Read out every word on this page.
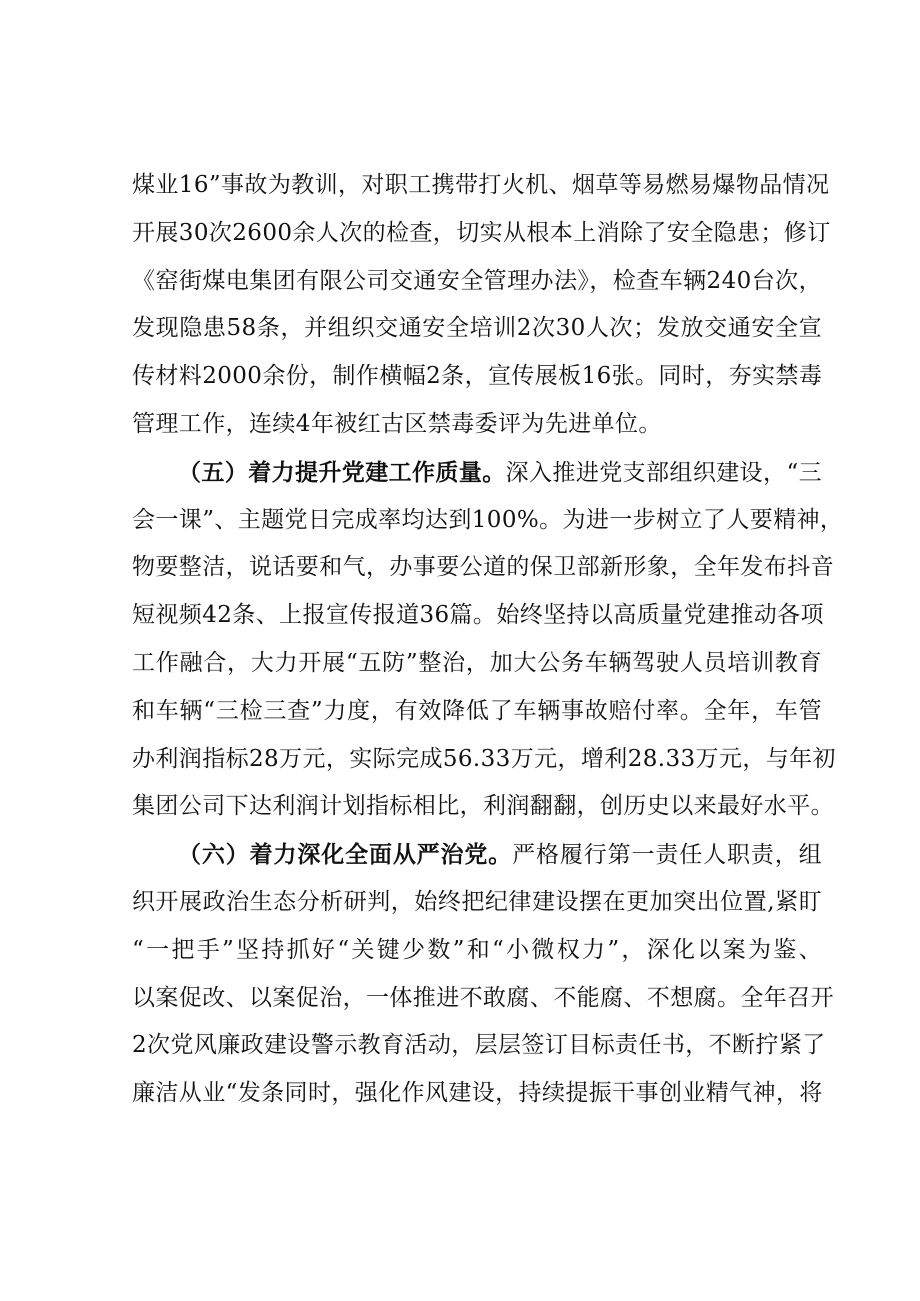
煤业16”事故为教训，对职工携带打火机、烟草等易燃易爆物品情况
开展30次2600余人次的检查，切实从根本上消除了安全隐患；修订
《窑街煤电集团有限公司交通安全管理办法》，检查车辆240台次，
发现隐患58条，并组织交通安全培训2次30人次；发放交通安全宣
传材料2000余份，制作横幅2条，宣传展板16张。同时，夯实禁毒
管理工作，连续4年被红古区禁毒委评为先进单位。
（五）着力提升党建工作质量。深入推进党支部组织建设，“三
会一课”、主题党日完成率均达到100%。为进一步树立了人要精神，
物要整洁，说话要和气，办事要公道的保卫部新形象，全年发布抖音
短视频42条、上报宣传报道36篇。始终坚持以高质量党建推动各项
工作融合，大力开展“五防”整治，加大公务车辆驾驶人员培训教育
和车辆“三检三查”力度，有效降低了车辆事故赔付率。全年，车管
办利润指标28万元，实际完成56.33万元，增利28.33万元，与年初
集团公司下达利润计划指标相比，利润翻翻，创历史以来最好水平。
（六）着力深化全面从严治党。严格履行第一责任人职责，组
织开展政治生态分析研判，始终把纪律建设摆在更加突出位置,紧盯
“一把手”坚持抓好“关键少数”和“小微权力”，深化以案为鉴、
以案促改、以案促治，一体推进不敢腐、不能腐、不想腐。全年召开
2次党风廉政建设警示教育活动，层层签订目标责任书，不断拧紧了
廉洁从业“发条同时，强化作风建设，持续提振干事创业精气神，将
